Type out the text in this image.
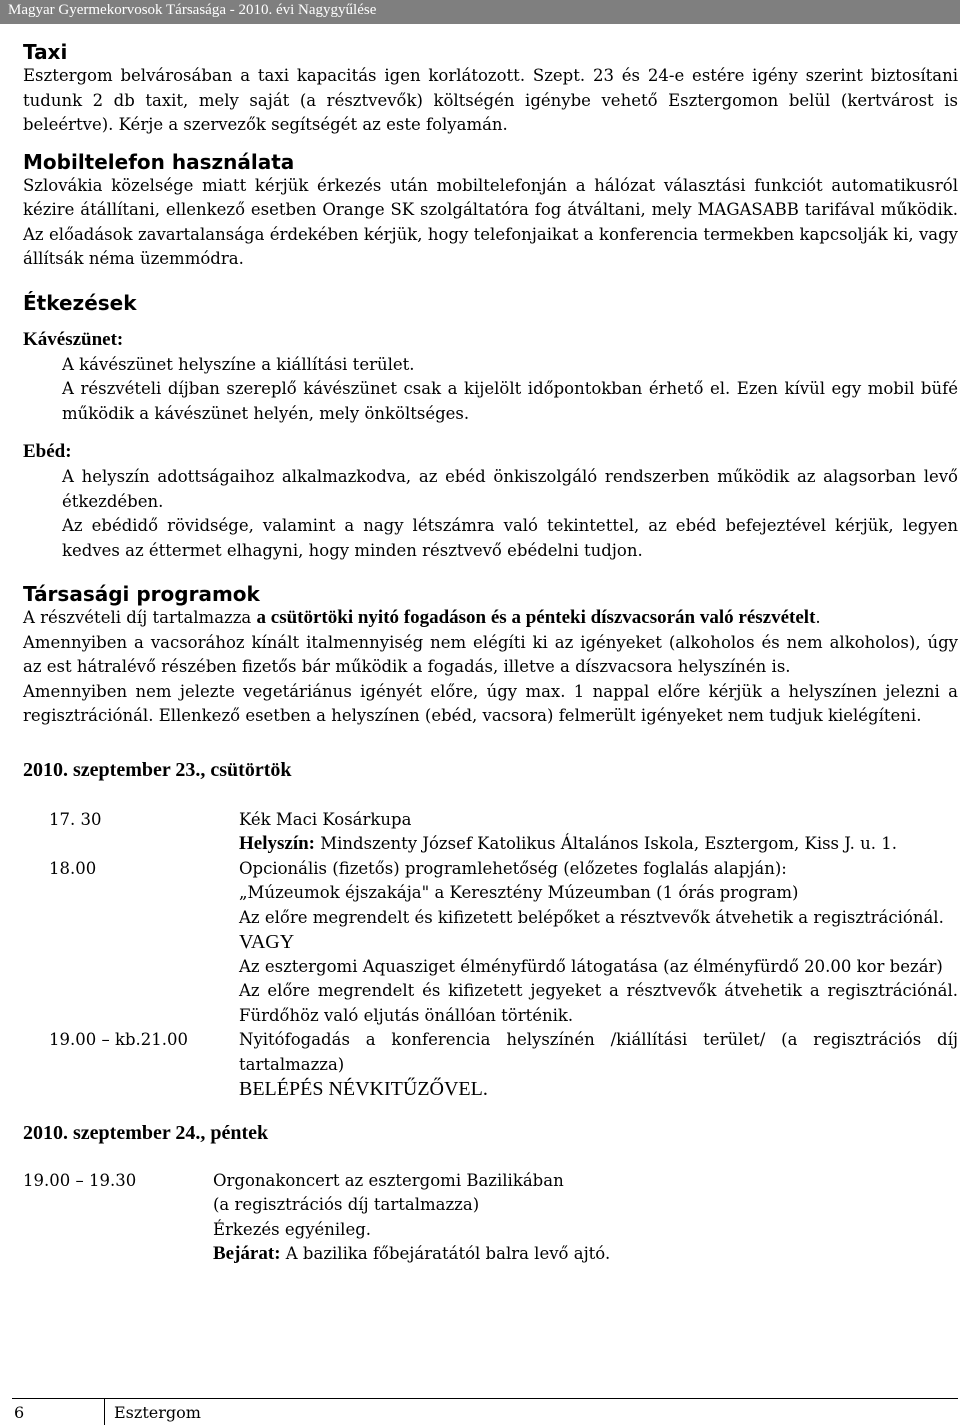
Magyar Gyermekorvosok Társasága - 2010. évi Nagygyűlése
Taxi

Esztergom belvárosában a taxi kapacitás igen korlátozott. Szept. 23 és 24-e estére igény szerint biztosítani tudunk 2 db taxit, mely saját (a résztvevők) költségén igénybe vehető Esztergomon belül (kertvárost is beleértve). Kérje a szervezők segítségét az este folyamán.

Mobiltelefon használata

Szlovákia közelsége miatt kérjük érkezés után mobiltelefonján a hálózat választási funkciót automatikusról kézire átállítani, ellenkező esetben Orange SK szolgáltatóra fog átváltani, mely MAGASABB tarifával működik. Az előadások zavartalansága érdekében kérjük, hogy telefonjaikat a konferencia termekben kapcsolják ki, vagy állítsák néma üzemmódra.

Étkezések
Kávészünet:

A kávészünet helyszíne a kiállítási terület.

A részvételi díjban szereplő kávészünet csak a kijelölt időpontokban érhető el. Ezen kívül egy mobil büfé működik a kávészünet helyén, mely önköltséges.

Ebéd:

A helyszín adottságaihoz alkalmazkodva, az ebéd önkiszolgáló rendszerben működik az alagsorban levő étkezdében.

Az ebédidő rövidsége, valamint a nagy létszámra való tekintettel, az ebéd befejeztével kérjük, legyen kedves az éttermet elhagyni, hogy minden résztvevő ebédelni tudjon.

Társasági programok

A részvételi díj tartalmazza a csütörtöki nyitó fogadáson és a pénteki díszvacsorán való részvételt.

Amennyiben a vacsorához kínált italmennyiség nem elégíti ki az igényeket (alkoholos és nem alkoholos), úgy az est hátralévő részében fizetős bár működik a fogadás, illetve a díszvacsora helyszínén is.

Amennyiben nem jelezte vegetáriánus igényét előre, úgy max. 1 nappal előre kérjük a helyszínen jelezni a regisztrációnál. Ellenkező esetben a helyszínen (ebéd, vacsora) felmerült igényeket nem tudjuk kielégíteni.

2010. szeptember 23., csütörtök
17. 30	Kék Maci Kosárkupa
Helyszín: Mindszenty József Katolikus Általános Iskola, Esztergom, Kiss J. u. 1.
18.00	Opcionális (fizetős) programlehetőség (előzetes foglalás alapján):
„Múzeumok éjszakája" a Keresztény Múzeumban (1 órás program)
Az előre megrendelt és kifizetett belépőket a résztvevők átvehetik a regisztrációnál.
VAGY
Az esztergomi Aquasziget élményfürdő látogatása (az élményfürdő 20.00 kor bezár)
Az előre megrendelt és kifizetett jegyeket a résztvevők átvehetik a regisztrációnál. Fürdőhöz való eljutás önállóan történik.
19.00 – kb.21.00	Nyitófogadás a konferencia helyszínén /kiállítási terület/ (a regisztrációs díj tartalmazza)
BELÉPÉS NÉVKITŰZŐVEL.
2010. szeptember 24., péntek
19.00 – 19.30	Orgonakoncert az esztergomi Bazilikában
(a regisztrációs díj tartalmazza)
Érkezés egyénileg.
Bejárat: A bazilika főbejáratától balra levő ajtó.
6	Esztergom
